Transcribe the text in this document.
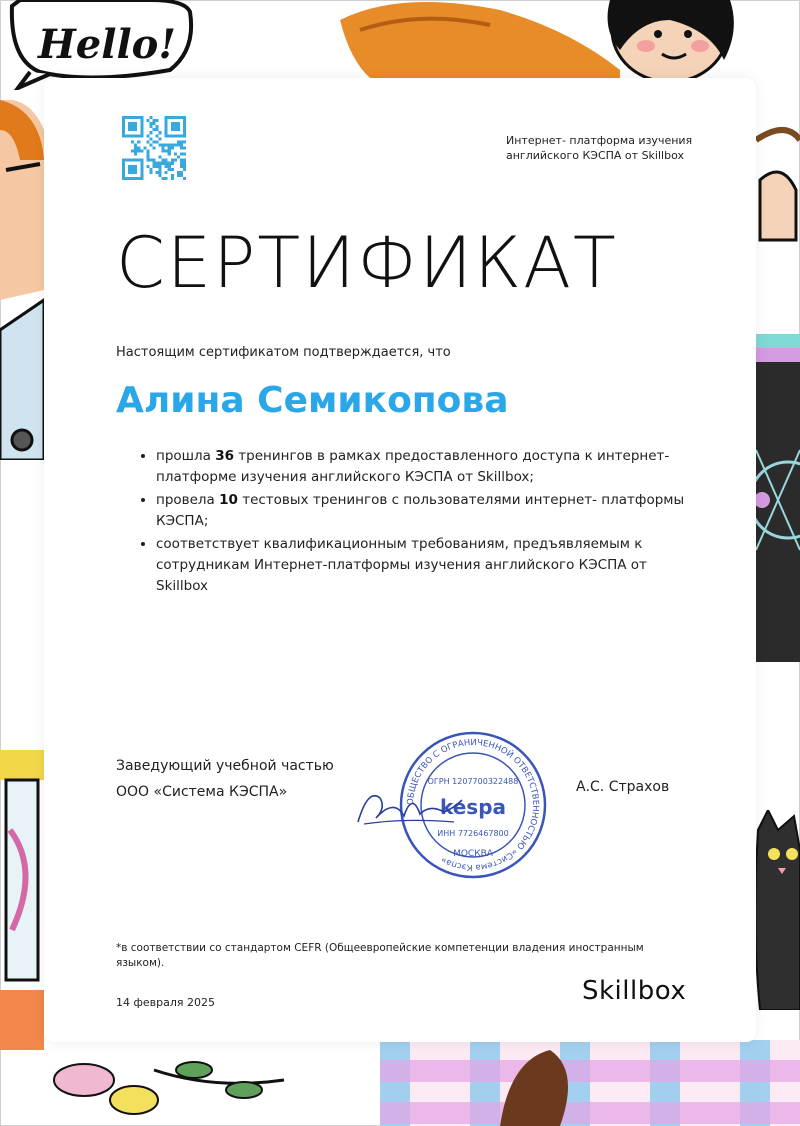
Hello!
Интернет- платформа изучения
английского КЭСПА от Skillbox
СЕРТИФИКАТ
Настоящим сертификатом подтверждается, что
Алина Семикопова
• прошла 36 тренингов в рамках предоставленного доступа к интернет-платформе изучения английского КЭСПА от Skillbox;
• провела 10 тестовых тренингов с пользователями интернет- платформы КЭСПА;
• соответствует квалификационным требованиям, предъявляемым к сотрудникам Интернет-платформы изучения английского КЭСПА от Skillbox
Заведующий учебной частью
ООО «Система КЭСПА»	А.С. Страхов
ОБЩЕСТВО С ОГРАНИЧЕННОЙ ОТВЕТСТВЕННОСТЬЮ «Система Кэспа»
ОГРН 1207700322488
kespa
ИНН 7726467800
МОСКВА
*в соответствии со стандартом CEFR (Общеевропейские компетенции владения иностранным языком).
14 февраля 2025	Skillbox
